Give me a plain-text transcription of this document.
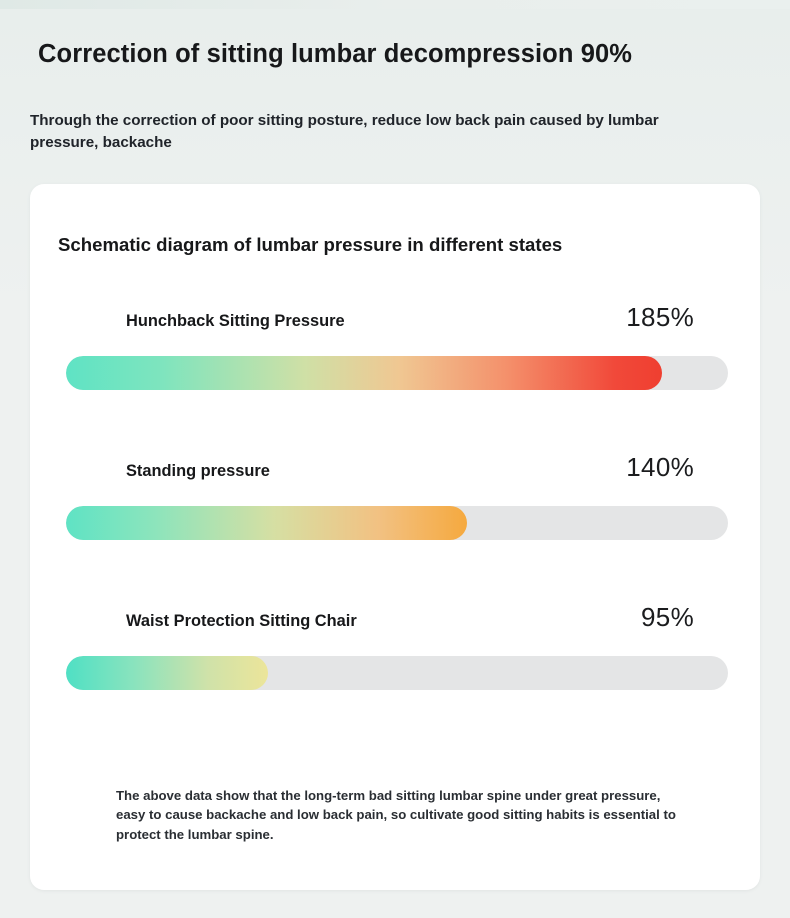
Correction of sitting lumbar decompression 90%
Through the correction of poor sitting posture, reduce low back pain caused by lumbar pressure, backache
Schematic diagram of lumbar pressure in different states
Hunchback Sitting Pressure	185%
Standing pressure	140%
Waist Protection Sitting Chair	95%
The above data show that the long-term bad sitting lumbar spine under great pressure, easy to cause backache and low back pain, so cultivate good sitting habits is essential to protect the lumbar spine.
